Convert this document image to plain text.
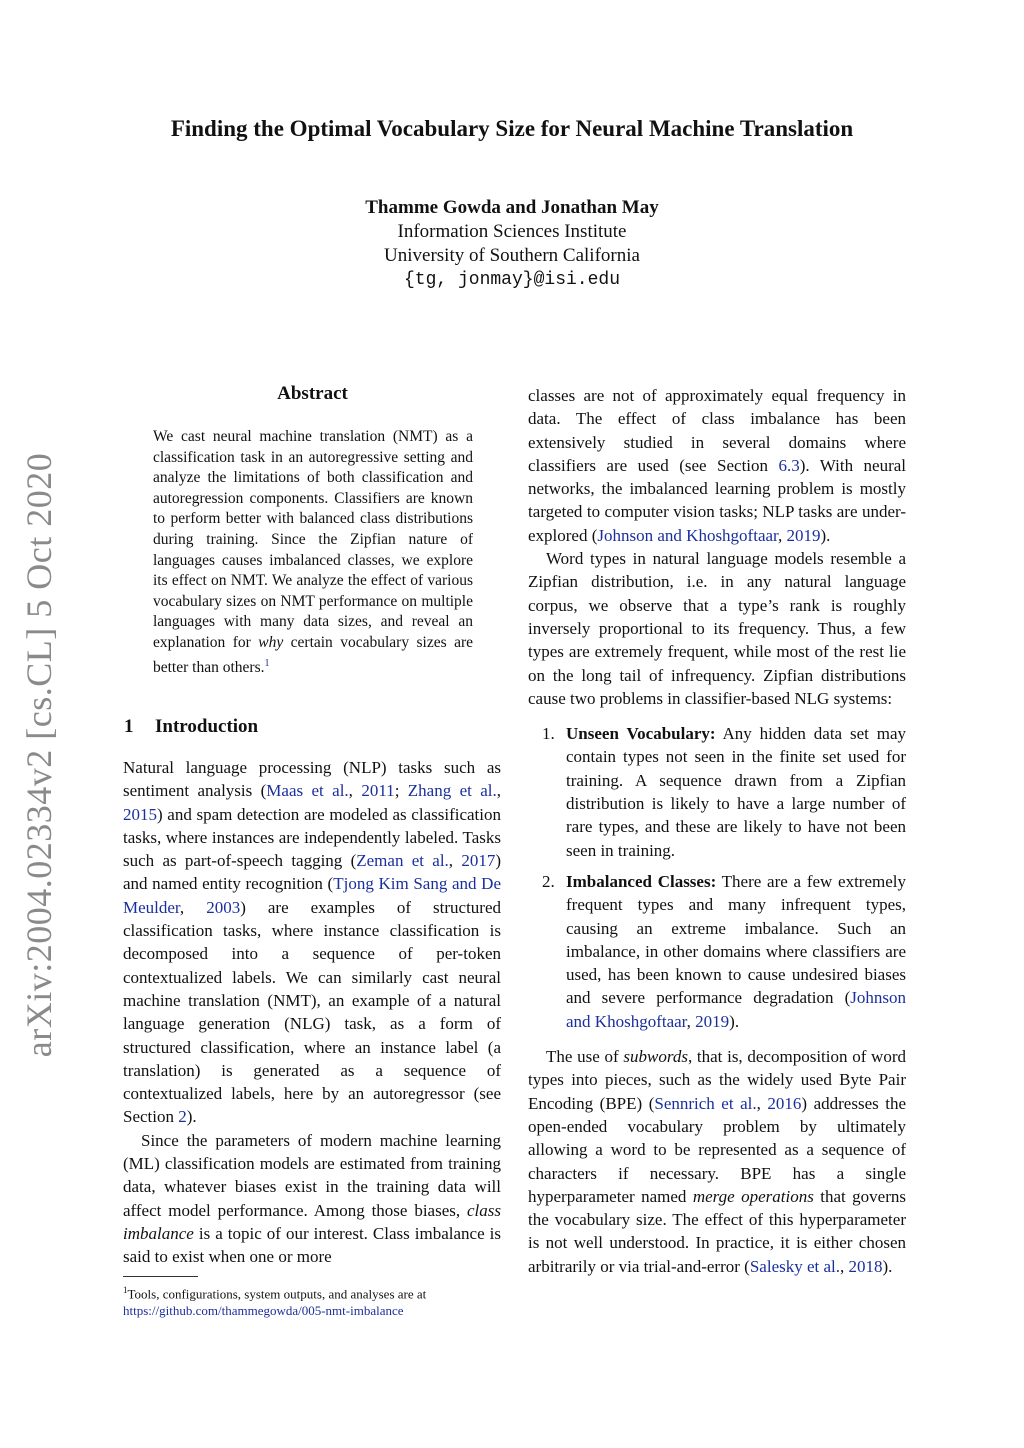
arXiv:2004.02334v2 [cs.CL] 5 Oct 2020
Finding the Optimal Vocabulary Size for Neural Machine Translation
Thamme Gowda and Jonathan May
Information Sciences Institute
University of Southern California
{tg, jonmay}@isi.edu
Abstract
We cast neural machine translation (NMT) as a classification task in an autoregressive setting and analyze the limitations of both classification and autoregression components. Classifiers are known to perform better with balanced class distributions during training. Since the Zipfian nature of languages causes imbalanced classes, we explore its effect on NMT. We analyze the effect of various vocabulary sizes on NMT performance on multiple languages with many data sizes, and reveal an explanation for why certain vocabulary sizes are better than others.$^1$
1 Introduction

Natural language processing (NLP) tasks such as sentiment analysis (Maas et al., 2011; Zhang et al., 2015) and spam detection are modeled as classification tasks, where instances are independently labeled. Tasks such as part-of-speech tagging (Zeman et al., 2017) and named entity recognition (Tjong Kim Sang and De Meulder, 2003) are examples of structured classification tasks, where instance classification is decomposed into a sequence of per-token contextualized labels. We can similarly cast neural machine translation (NMT), an example of a natural language generation (NLG) task, as a form of structured classification, where an instance label (a translation) is generated as a sequence of contextualized labels, here by an autoregressor (see Section 2).

Since the parameters of modern machine learning (ML) classification models are estimated from training data, whatever biases exist in the training data will affect model performance. Among those biases, class imbalance is a topic of our interest. Class imbalance is said to exist when one or more

classes are not of approximately equal frequency in data. The effect of class imbalance has been extensively studied in several domains where classifiers are used (see Section 6.3). With neural networks, the imbalanced learning problem is mostly targeted to computer vision tasks; NLP tasks are under-explored (Johnson and Khoshgoftaar, 2019).

Word types in natural language models resemble a Zipfian distribution, i.e. in any natural language corpus, we observe that a type’s rank is roughly inversely proportional to its frequency. Thus, a few types are extremely frequent, while most of the rest lie on the long tail of infrequency. Zipfian distributions cause two problems in classifier-based NLG systems:

1. Unseen Vocabulary: Any hidden data set may contain types not seen in the finite set used for training. A sequence drawn from a Zipfian distribution is likely to have a large number of rare types, and these are likely to have not been seen in training.
2. Imbalanced Classes: There are a few extremely frequent types and many infrequent types, causing an extreme imbalance. Such an imbalance, in other domains where classifiers are used, has been known to cause undesired biases and severe performance degradation (Johnson and Khoshgoftaar, 2019).

The use of subwords, that is, decomposition of word types into pieces, such as the widely used Byte Pair Encoding (BPE) (Sennrich et al., 2016) addresses the open-ended vocabulary problem by ultimately allowing a word to be represented as a sequence of characters if necessary. BPE has a single hyperparameter named merge operations that governs the vocabulary size. The effect of this hyperparameter is not well understood. In practice, it is either chosen arbitrarily or via trial-and-error (Salesky et al., 2018).

$^1$Tools, configurations, system outputs, and analyses are at
https://github.com/thammegowda/005-nmt-imbalance
